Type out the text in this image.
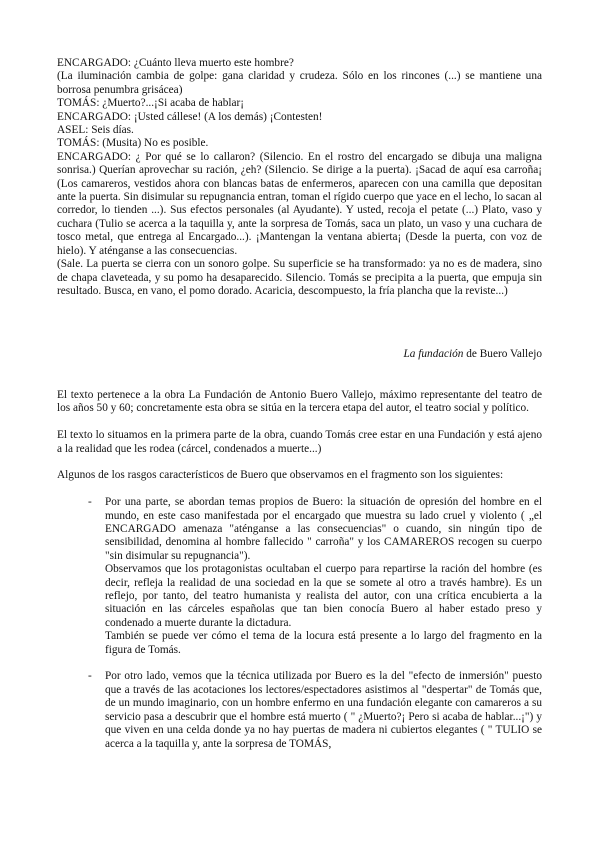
ENCARGADO: ¿Cuánto lleva muerto este hombre?

(La iluminación cambia de golpe: gana claridad y crudeza. Sólo en los rincones (...) se mantiene una borrosa penumbra grisácea)

TOMÁS: ¿Muerto?...¡Si acaba de hablar¡

ENCARGADO: ¡Usted cállese! (A los demás) ¡Contesten!

ASEL: Seis días.

TOMÁS: (Musita) No es posible.

ENCARGADO: ¿ Por qué se lo callaron? (Silencio. En el rostro del encargado se dibuja una maligna sonrisa.) Querían aprovechar su ración, ¿eh? (Silencio. Se dirige a la puerta). ¡Sacad de aquí esa carroña¡ (Los camareros, vestidos ahora con blancas batas de enfermeros, aparecen con una camilla que depositan ante la puerta. Sin disimular su repugnancia entran, toman el rígido cuerpo que yace en el lecho, lo sacan al corredor, lo tienden ...). Sus efectos personales (al Ayudante). Y usted, recoja el petate (...) Plato, vaso y cuchara (Tulio se acerca a la taquilla y, ante la sorpresa de Tomás, saca un plato, un vaso y una cuchara de tosco metal, que entrega al Encargado...). ¡Mantengan la ventana abierta¡ (Desde la puerta, con voz de hielo). Y aténganse a las consecuencias.

(Sale. La puerta se cierra con un sonoro golpe. Su superficie se ha transformado: ya no es de madera, sino de chapa claveteada, y su pomo ha desaparecido. Silencio. Tomás se precipita a la puerta, que empuja sin resultado. Busca, en vano, el pomo dorado. Acaricia, descompuesto, la fría plancha que la reviste...)

La fundación de Buero Vallejo

El texto pertenece a la obra La Fundación de Antonio Buero Vallejo, máximo representante del teatro de los años 50 y 60; concretamente esta obra se sitúa en la tercera etapa del autor, el teatro social y político.

El texto lo situamos en la primera parte de la obra, cuando Tomás cree estar en una Fundación y está ajeno a la realidad que les rodea (cárcel, condenados a muerte...)

Algunos de los rasgos característicos de Buero que observamos en el fragmento son los siguientes:

- Por una parte, se abordan temas propios de Buero: la situación de opresión del hombre en el mundo, en este caso manifestada por el encargado que muestra su lado cruel y violento ( „el ENCARGADO amenaza "aténganse a las consecuencias" o cuando, sin ningún tipo de sensibilidad, denomina al hombre fallecido " carroña" y los CAMAREROS recogen su cuerpo "sin disimular su repugnancia").

Observamos que los protagonistas ocultaban el cuerpo para repartirse la ración del hombre (es decir, refleja la realidad de una sociedad en la que se somete al otro a través hambre). Es un reflejo, por tanto, del teatro humanista y realista del autor, con una crítica encubierta a la situación en las cárceles españolas que tan bien conocía Buero al haber estado preso y condenado a muerte durante la dictadura.

También se puede ver cómo el tema de la locura está presente a lo largo del fragmento en la figura de Tomás.

- Por otro lado, vemos que la técnica utilizada por Buero es la del "efecto de inmersión" puesto que a través de las acotaciones los lectores/espectadores asistimos al "despertar" de Tomás que, de un mundo imaginario, con un hombre enfermo en una fundación elegante con camareros a su servicio pasa a descubrir que el hombre está muerto ( " ¿Muerto?¡ Pero si acaba de hablar...¡") y que viven en una celda donde ya no hay puertas de madera ni cubiertos elegantes ( " TULIO se acerca a la taquilla y, ante la sorpresa de TOMÁS,
